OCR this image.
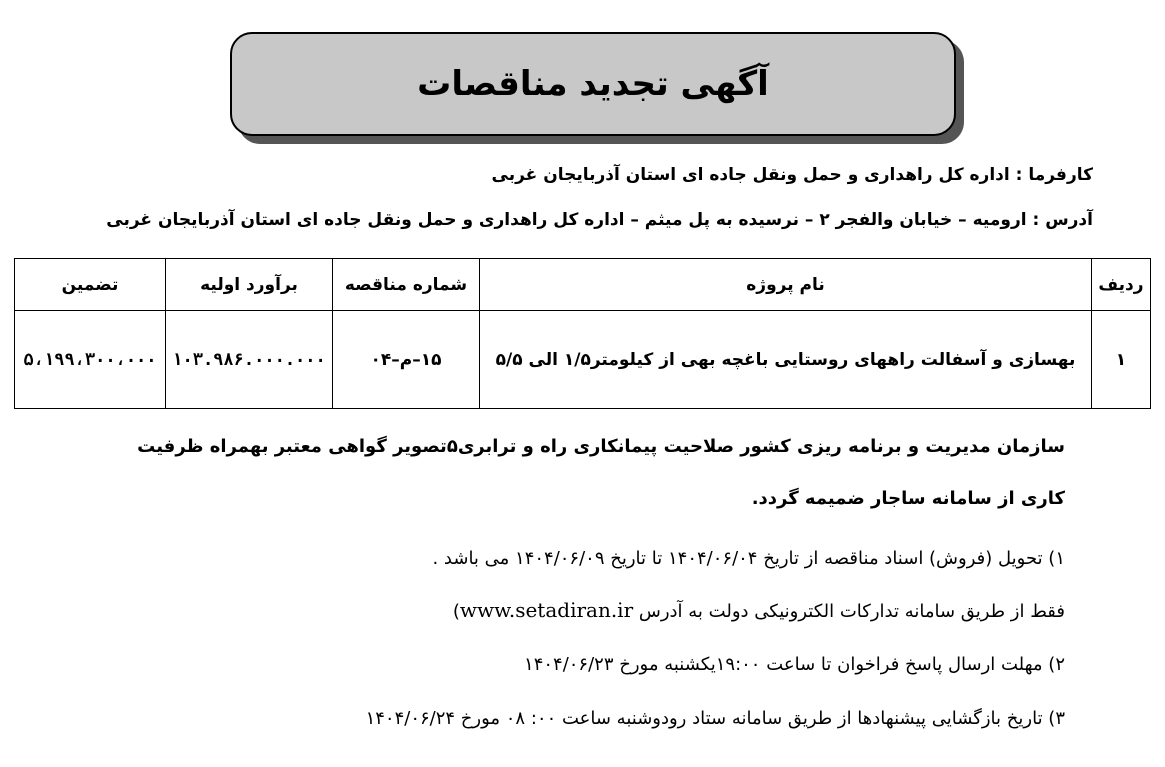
آگهی تجدید مناقصات
کارفرما : اداره کل راهداری و حمل ونقل جاده ای استان آذربایجان غربی
آدرس : ارومیه – خیابان والفجر ۲ – نرسیده به پل میثم – اداره کل راهداری و حمل ونقل جاده ای استان آذربایجان غربی
ردیف	نام پروژه	شماره مناقصه	برآورد اولیه	تضمین
۱	بهسازی و آسفالت راههای روستایی باغچه بهی از کیلومتر۱/۵ الی ۵/۵	۱۵–م–۰۴	۱۰۳.۹۸۶.۰۰۰.۰۰۰	۵،۱۹۹،۳۰۰،۰۰۰
سازمان مدیریت و برنامه ریزی کشور صلاحیت پیمانکاری راه و ترابری۵تصویر گواهی معتبر بهمراه ظرفیت
کاری از سامانه ساجار ضمیمه گردد.
۱) تحویل (فروش) اسناد مناقصه از تاریخ ۱۴۰۴/۰۶/۰۴ تا تاریخ ۱۴۰۴/۰۶/۰۹ می باشد .
فقط از طریق سامانه تدارکات الکترونیکی دولت به آدرس www.setadiran.ir)
۲) مهلت ارسال پاسخ فراخوان تا ساعت ۱۹:۰۰یکشنبه مورخ ۱۴۰۴/۰۶/۲۳
۳) تاریخ بازگشایی پیشنهادها از طریق سامانه ستاد رودوشنبه ساعت ۰۰: ۰۸ مورخ ۱۴۰۴/۰۶/۲۴
